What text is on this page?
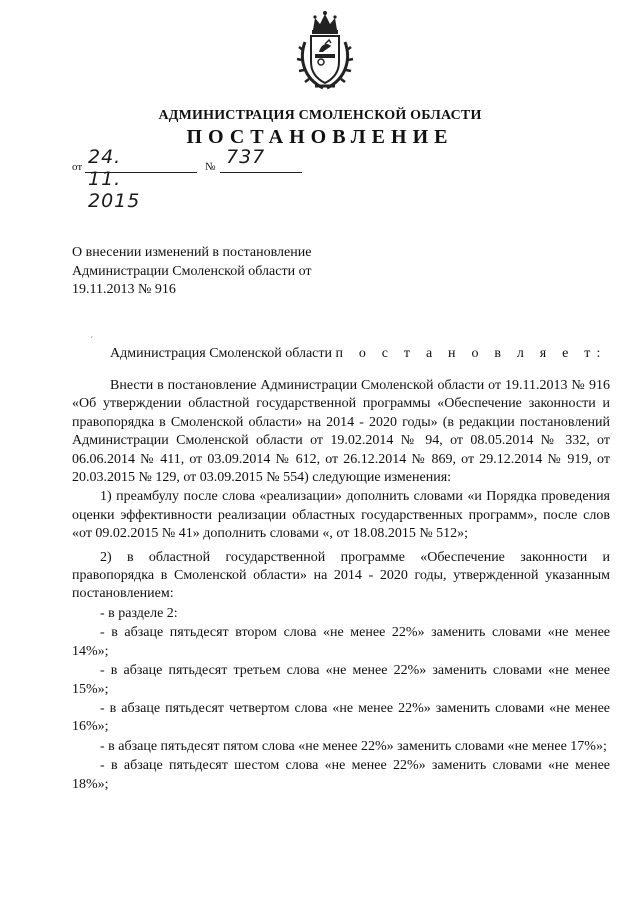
АДМИНИСТРАЦИЯ СМОЛЕНСКОЙ ОБЛАСТИ
ПОСТАНОВЛЕНИЕ
от 24. 11. 2015
№ 737
О внесении изменений в постановление
Администрации Смоленской области от
19.11.2013 № 916
ˊ
Администрация Смоленской области п о с т а н о в л я е т:

Внести в постановление Администрации Смоленской области от 19.11.2013 № 916 «Об утверждении областной государственной программы «Обеспечение законности и правопорядка в Смоленской области» на 2014 - 2020 годы» (в редакции постановлений Администрации Смоленской области от 19.02.2014 № 94, от 08.05.2014 № 332, от 06.06.2014 № 411, от 03.09.2014 № 612, от 26.12.2014 № 869, от 29.12.2014 № 919, от 20.03.2015 № 129, от 03.09.2015 № 554) следующие изменения:

1) преамбулу после слова «реализации» дополнить словами «и Порядка проведения оценки эффективности реализации областных государственных программ», после слов «от 09.02.2015 № 41» дополнить словами «, от 18.08.2015 № 512»;

2) в областной государственной программе «Обеспечение законности и правопорядка в Смоленской области» на 2014 - 2020 годы, утвержденной указанным постановлением:

- в разделе 2:

- в абзаце пятьдесят втором слова «не менее 22%» заменить словами «не менее 14%»;

- в абзаце пятьдесят третьем слова «не менее 22%» заменить словами «не менее 15%»;

- в абзаце пятьдесят четвертом слова «не менее 22%» заменить словами «не менее 16%»;

- в абзаце пятьдесят пятом слова «не менее 22%» заменить словами «не менее 17%»;

- в абзаце пятьдесят шестом слова «не менее 22%» заменить словами «не менее 18%»;
